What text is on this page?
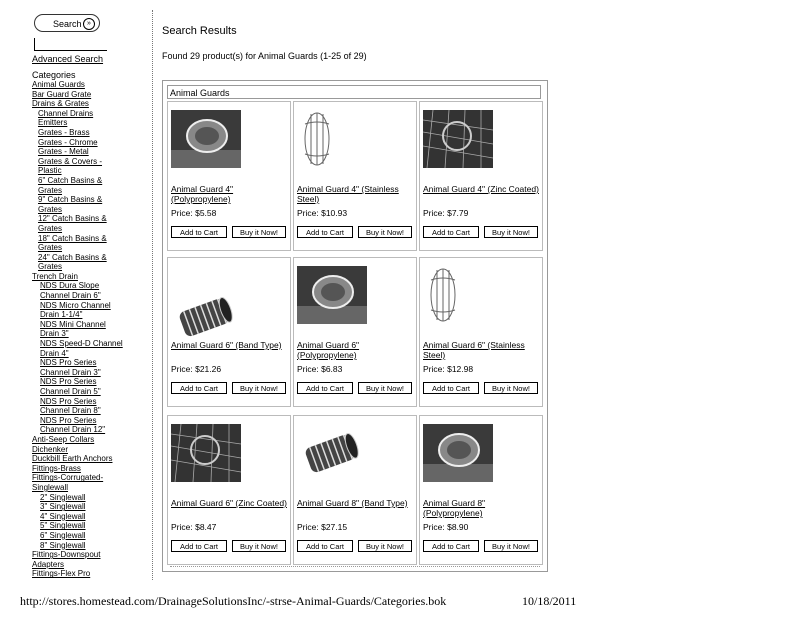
Search »
Advanced Search
Categories
Animal Guards
Bar Guard Grate
Drains & Grates
Channel Drains
Emitters
Grates - Brass
Grates - Chrome
Grates - Metal
Grates & Covers -
Plastic
6" Catch Basins &
Grates
9" Catch Basins &
Grates
12" Catch Basins &
Grates
18" Catch Basins &
Grates
24" Catch Basins &
Grates
Trench Drain
NDS Dura Slope
Channel Drain 6"
NDS Micro Channel
Drain 1-1/4"
NDS Mini Channel
Drain 3"
NDS Speed-D Channel
Drain 4"
NDS Pro Series
Channel Drain 3"
NDS Pro Series
Channel Drain 5"
NDS Pro Series
Channel Drain 8"
NDS Pro Series
Channel Drain 12"
Anti-Seep Collars
Dichenker
Duckbill Earth Anchors
Fittings-Brass
Fittings-Corrugated-
Singlewall
2" Singlewall
3" Singlewall
4" Singlewall
5" Singlewall
6" Singlewall
8" Singlewall
Fittings-Downspout
Adapters
Fittings-Flex Pro
Search Results
Found 29 product(s) for Animal Guards (1-25 of 29)
Animal Guards
Animal Guard 4" (Polypropylene)
Price: $5.58
Add to Cart	Buy it Now!
Animal Guard 4" (Stainless Steel)
Price: $10.93
Add to Cart	Buy it Now!
Animal Guard 4" (Zinc Coated)
Price: $7.79
Add to Cart	Buy it Now!
Animal Guard 6" (Band Type)
Price: $21.26
Add to Cart	Buy it Now!
Animal Guard 6" (Polypropylene)
Price: $6.83
Add to Cart	Buy it Now!
Animal Guard 6" (Stainless Steel)
Price: $12.98
Add to Cart	Buy it Now!
Animal Guard 6" (Zinc Coated)
Price: $8.47
Add to Cart	Buy it Now!
Animal Guard 8" (Band Type)
Price: $27.15
Add to Cart	Buy it Now!
Animal Guard 8" (Polypropylene)
Price: $8.90
Add to Cart	Buy it Now!
http://stores.homestead.com/DrainageSolutionsInc/-strse-Animal-Guards/Categories.bok	10/18/2011
